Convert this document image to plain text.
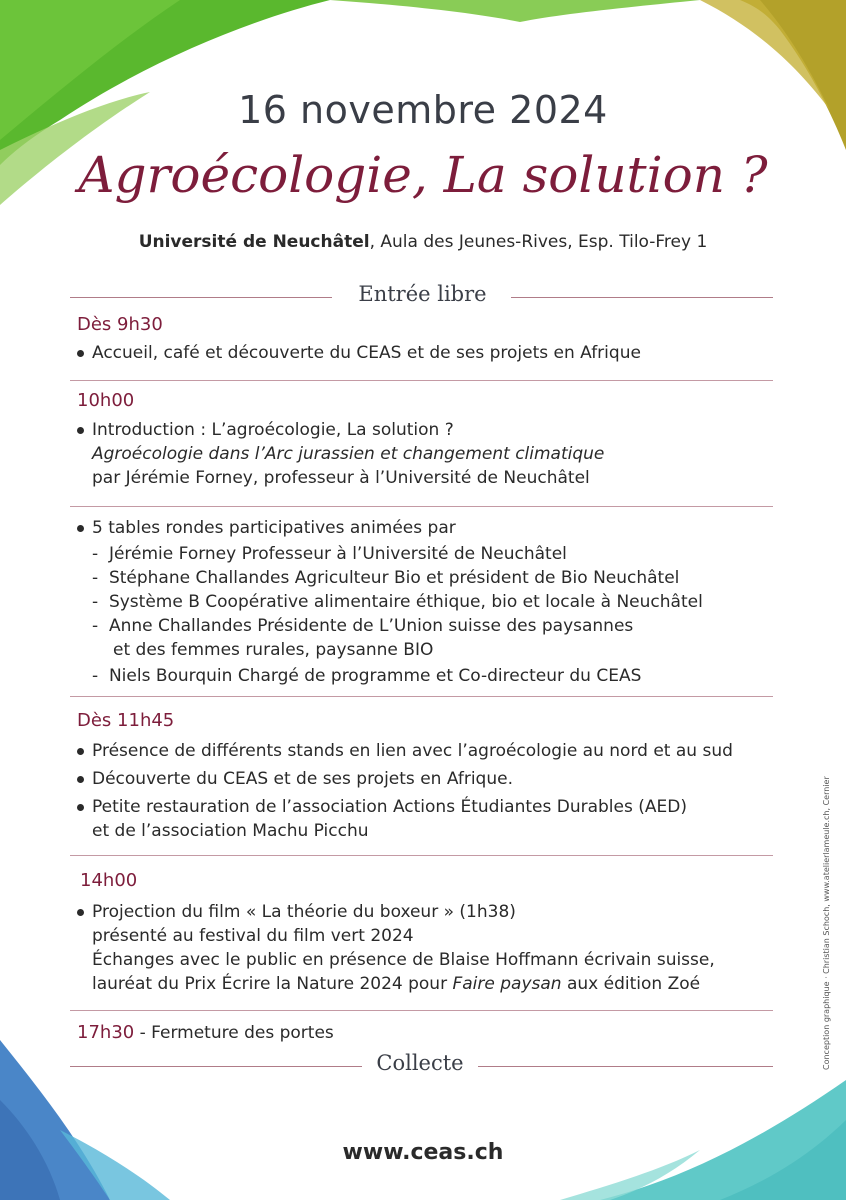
16 novembre 2024
Agroécologie, La solution ?
Université de Neuchâtel, Aula des Jeunes-Rives, Esp. Tilo-Frey 1
Entrée libre
Dès 9h30
Accueil, café et découverte du CEAS et de ses projets en Afrique
10h00
Introduction : L’agroécologie, La solution ?
Agroécologie dans l’Arc jurassien et changement climatique
par Jérémie Forney, professeur à l’Université de Neuchâtel
5 tables rondes participatives animées par
- Jérémie Forney Professeur à l’Université de Neuchâtel
- Stéphane Challandes Agriculteur Bio et président de Bio Neuchâtel
- Système B Coopérative alimentaire éthique, bio et locale à Neuchâtel
- Anne Challandes Présidente de L’Union suisse des paysannes
et des femmes rurales, paysanne BIO
- Niels Bourquin Chargé de programme et Co-directeur du CEAS
Dès 11h45
Présence de différents stands en lien avec l’agroécologie au nord et au sud
Découverte du CEAS et de ses projets en Afrique.
Petite restauration de l’association Actions Étudiantes Durables (AED)
et de l’association Machu Picchu
14h00
Projection du film « La théorie du boxeur » (1h38)
présenté au festival du film vert 2024
Échanges avec le public en présence de Blaise Hoffmann écrivain suisse,
lauréat du Prix Écrire la Nature 2024 pour Faire paysan aux édition Zoé
17h30 - Fermeture des portes
Collecte
www.ceas.ch
Conception graphique · Christian Schoch, www.atelierlameule.ch, Cernier
